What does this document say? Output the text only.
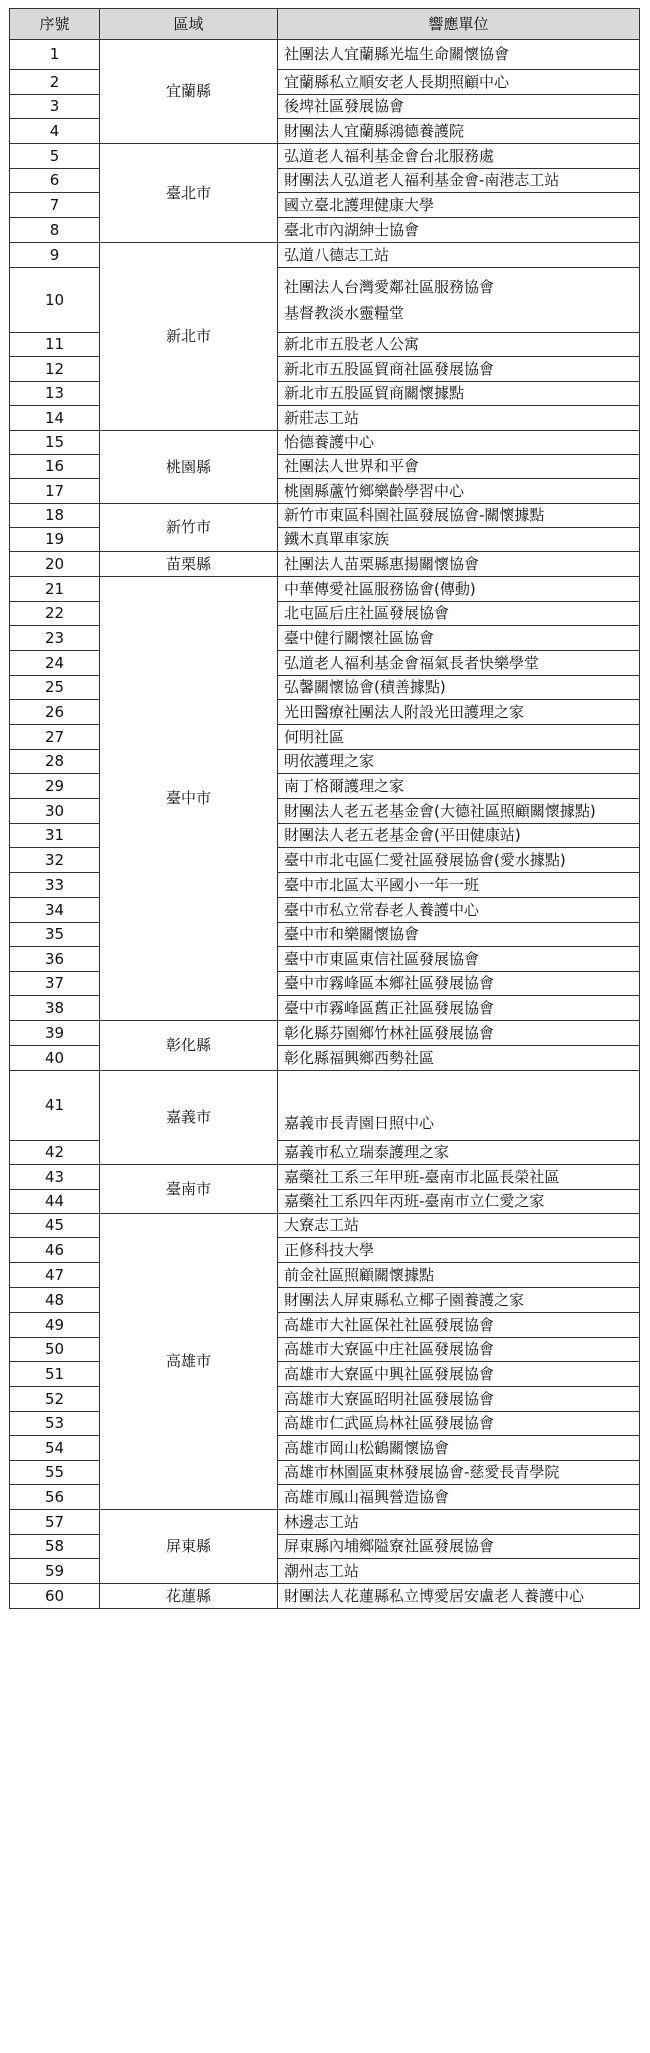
序號	區域	響應單位
1	宜蘭縣	社團法人宜蘭縣光塩生命關懷協會

2		宜蘭縣私立順安老人長期照顧中心

3		後埤社區發展協會

4		財團法人宜蘭縣鴻德養護院

5	臺北市	弘道老人福利基金會台北服務處

6		財團法人弘道老人福利基金會-南港志工站

7		國立臺北護理健康大學

8		臺北市內湖紳士協會

9	新北市	弘道八德志工站

10		社團法人台灣愛鄰社區服務協會
基督教淡水靈糧堂

11		新北市五股老人公寓

12		新北市五股區貿商社區發展協會

13		新北市五股區貿商關懷據點

14		新莊志工站

15	桃園縣	怡德養護中心

16		社團法人世界和平會

17		桃園縣蘆竹鄉樂齡學習中心

18	新竹市	新竹市東區科園社區發展協會-關懷據點

19		鐵木真單車家族

20	苗栗縣	社團法人苗栗縣惠揚關懷協會

21	臺中市	中華傳愛社區服務協會(傳動)

22		北屯區后庄社區發展協會

23		臺中健行關懷社區協會

24		弘道老人福利基金會福氣長者快樂學堂

25		弘馨關懷協會(積善據點)

26		光田醫療社團法人附設光田護理之家

27		何明社區

28		明依護理之家

29		南丁格爾護理之家

30		財團法人老五老基金會(大德社區照顧關懷據點)

31		財團法人老五老基金會(平田健康站)

32		臺中市北屯區仁愛社區發展協會(愛水據點)

33		臺中市北區太平國小一年一班

34		臺中市私立常春老人養護中心

35		臺中市和樂關懷協會

36		臺中市東區東信社區發展協會

37		臺中市霧峰區本鄉社區發展協會

38		臺中市霧峰區舊正社區發展協會

39	彰化縣	彰化縣芬園鄉竹林社區發展協會

40		彰化縣福興鄉西勢社區

41	嘉義市	嘉義市長青園日照中心

42		嘉義市私立瑞泰護理之家

43	臺南市	嘉藥社工系三年甲班-臺南市北區長榮社區

44		嘉藥社工系四年丙班-臺南市立仁愛之家

45	高雄市	大寮志工站

46		正修科技大學

47		前金社區照顧關懷據點

48		財團法人屏東縣私立椰子園養護之家

49		高雄市大社區保社社區發展協會

50		高雄市大寮區中庄社區發展協會

51		高雄市大寮區中興社區發展協會

52		高雄市大寮區昭明社區發展協會

53		高雄市仁武區烏林社區發展協會

54		高雄市岡山松鶴關懷協會

55		高雄市林園區東林發展協會-慈愛長青學院

56		高雄市鳳山福興營造協會

57	屏東縣	林邊志工站

58		屏東縣內埔鄉隘寮社區發展協會

59		潮州志工站

60	花蓮縣	財團法人花蓮縣私立博愛居安盧老人養護中心
